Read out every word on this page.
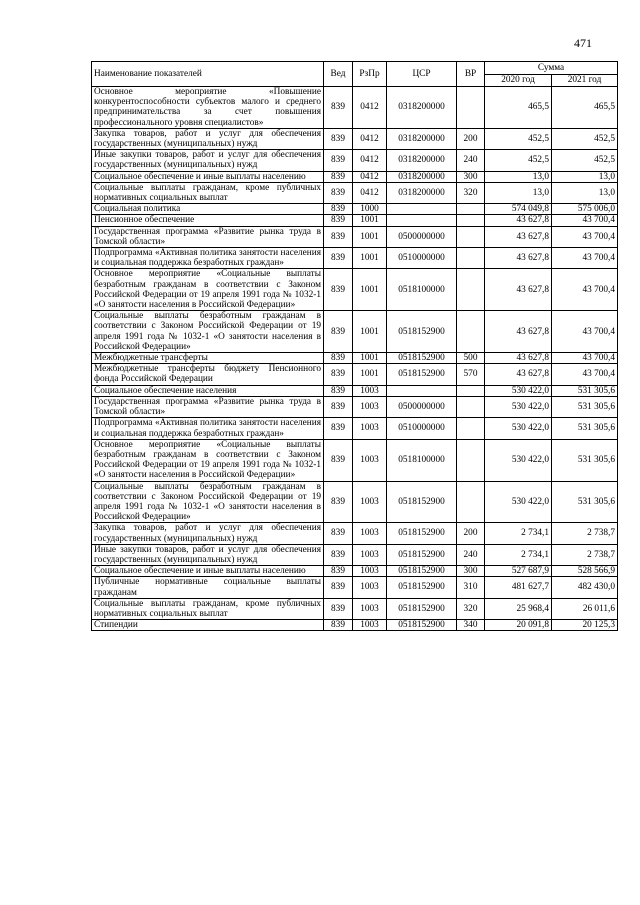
471
Наименование показателей	Вед	РзПр	ЦСР	ВР	Сумма	
					2020 год	2021 год
Основное мероприятие «Повышение конкурентоспособности субъектов малого и среднего предпринимательства за счет повышения профессионального уровня специалистов»	839	0412	0318200000		465,5	465,5
Закупка товаров, работ и услуг для обеспечения государственных (муниципальных) нужд	839	0412	0318200000	200	452,5	452,5
Иные закупки товаров, работ и услуг для обеспечения государственных (муниципальных) нужд	839	0412	0318200000	240	452,5	452,5
Социальное обеспечение и иные выплаты населению	839	0412	0318200000	300	13,0	13,0
Социальные выплаты гражданам, кроме публичных нормативных социальных выплат	839	0412	0318200000	320	13,0	13,0
Социальная политика	839	1000			574 049,8	575 006,0
Пенсионное обеспечение	839	1001			43 627,8	43 700,4
Государственная программа «Развитие рынка труда в Томской области»	839	1001	0500000000		43 627,8	43 700,4
Подпрограмма «Активная политика занятости населения и социальная поддержка безработных граждан»	839	1001	0510000000		43 627,8	43 700,4
Основное мероприятие «Социальные выплаты безработным гражданам в соответствии с Законом Российской Федерации от 19 апреля 1991 года № 1032-1 «О занятости населения в Российской Федерации»	839	1001	0518100000		43 627,8	43 700,4
Социальные выплаты безработным гражданам в соответствии с Законом Российской Федерации от 19 апреля 1991 года № 1032-1 «О занятости населения в Российской Федерации»	839	1001	0518152900		43 627,8	43 700,4
Межбюджетные трансферты	839	1001	0518152900	500	43 627,8	43 700,4
Межбюджетные трансферты бюджету Пенсионного фонда Российской Федерации	839	1001	0518152900	570	43 627,8	43 700,4
Социальное обеспечение населения	839	1003			530 422,0	531 305,6
Государственная программа «Развитие рынка труда в Томской области»	839	1003	0500000000		530 422,0	531 305,6
Подпрограмма «Активная политика занятости населения и социальная поддержка безработных граждан»	839	1003	0510000000		530 422,0	531 305,6
Основное мероприятие «Социальные выплаты безработным гражданам в соответствии с Законом Российской Федерации от 19 апреля 1991 года № 1032-1 «О занятости населения в Российской Федерации»	839	1003	0518100000		530 422,0	531 305,6
Социальные выплаты безработным гражданам в соответствии с Законом Российской Федерации от 19 апреля 1991 года № 1032-1 «О занятости населения в Российской Федерации»	839	1003	0518152900		530 422,0	531 305,6
Закупка товаров, работ и услуг для обеспечения государственных (муниципальных) нужд	839	1003	0518152900	200	2 734,1	2 738,7
Иные закупки товаров, работ и услуг для обеспечения государственных (муниципальных) нужд	839	1003	0518152900	240	2 734,1	2 738,7
Социальное обеспечение и иные выплаты населению	839	1003	0518152900	300	527 687,9	528 566,9
Публичные нормативные социальные выплаты гражданам	839	1003	0518152900	310	481 627,7	482 430,0
Социальные выплаты гражданам, кроме публичных нормативных социальных выплат	839	1003	0518152900	320	25 968,4	26 011,6
Стипендии	839	1003	0518152900	340	20 091,8	20 125,3
